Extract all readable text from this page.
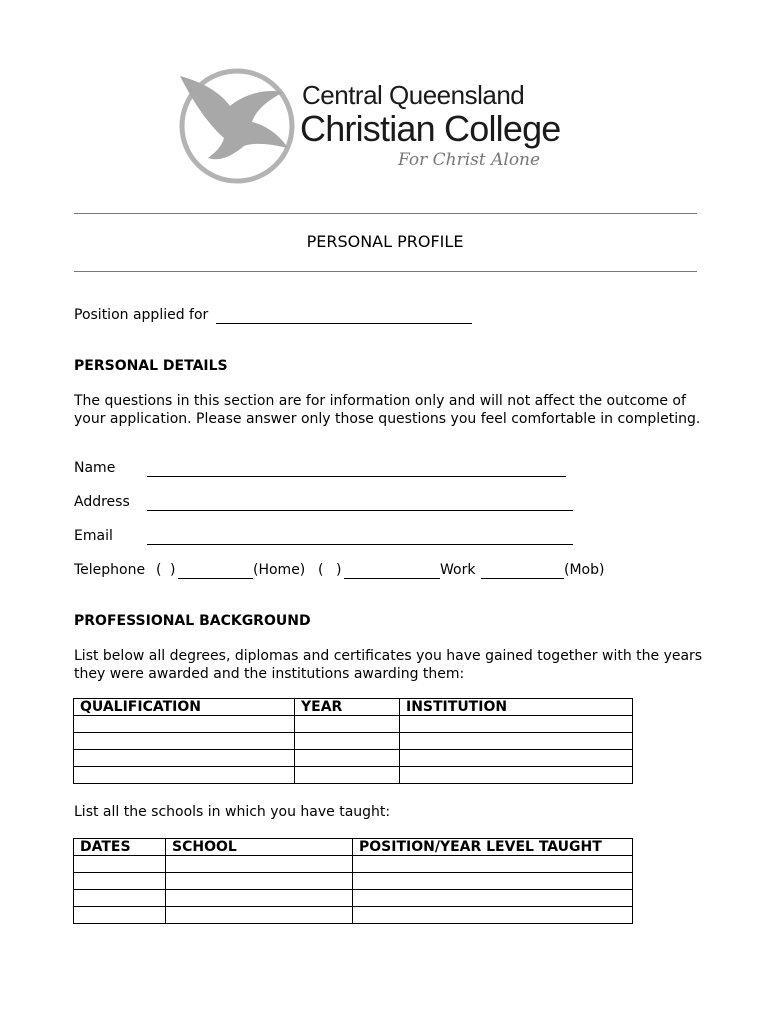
Central Queensland
Christian College
For Christ Alone
PERSONAL PROFILE
Position applied for
PERSONAL DETAILS
The questions in this section are for information only and will not affect the outcome of your application. Please answer only those questions you feel comfortable in completing.
Name
Address
Email
Telephone ( )	(Home) ( )	Work	(Mob)
PROFESSIONAL BACKGROUND
List below all degrees, diplomas and certificates you have gained together with the years they were awarded and the institutions awarding them:
QUALIFICATION	YEAR	INSTITUTION

List all the schools in which you have taught:
DATES	SCHOOL	POSITION/YEAR LEVEL TAUGHT
